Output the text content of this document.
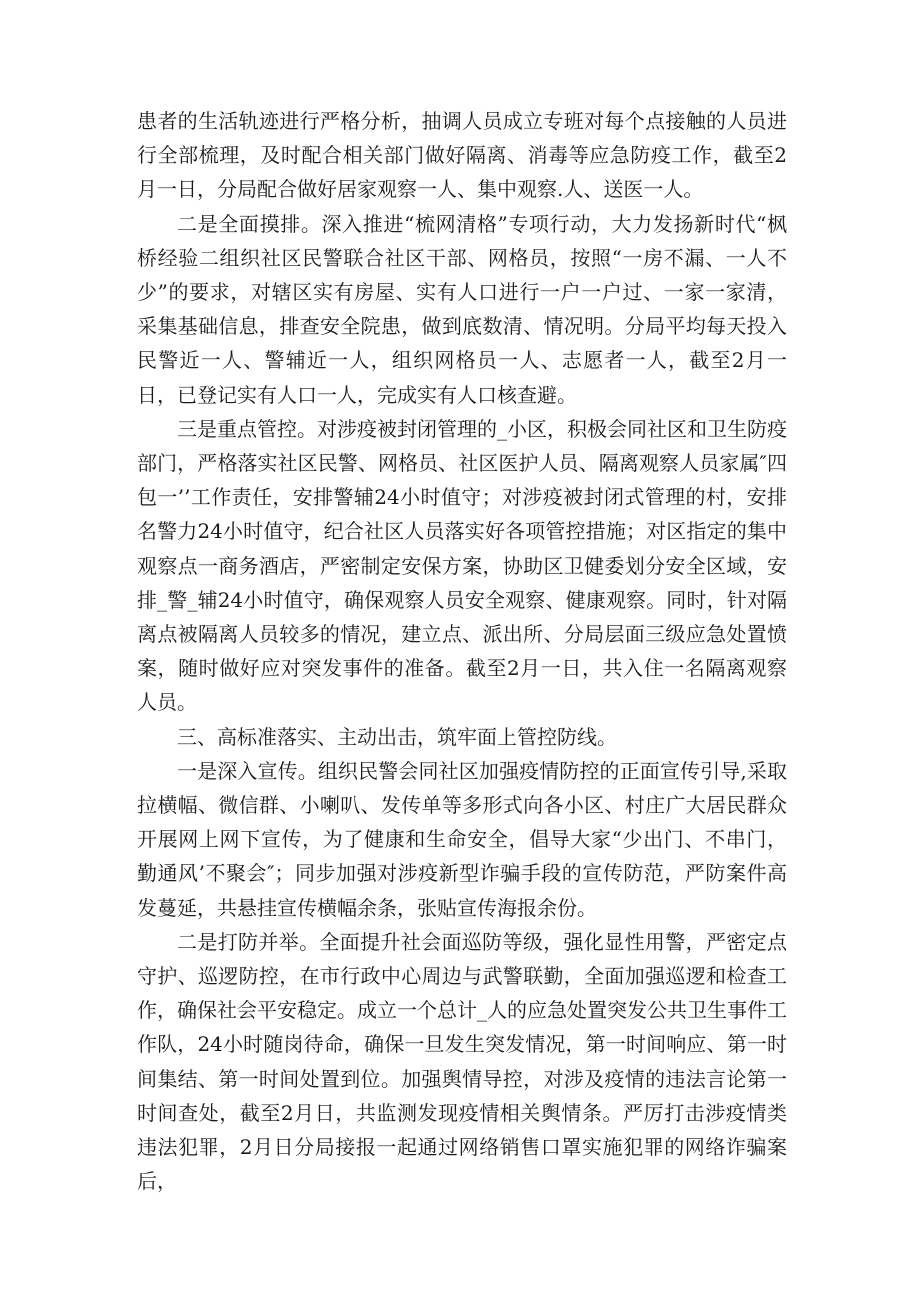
患者的生活轨迹进行严格分析，抽调人员成立专班对每个点接触的人员进行全部梳理，及时配合相关部门做好隔离、消毒等应急防疫工作，截至2月一日，分局配合做好居家观察一人、集中观察.人、送医一人。

二是全面摸排。深入推进“梳网清格”专项行动，大力发扬新时代“枫桥经验二组织社区民警联合社区干部、网格员，按照“一房不漏、一人不少”的要求，对辖区实有房屋、实有人口进行一户一户过、一家一家清，采集基础信息，排查安全院患，做到底数清、情况明。分局平均每天投入民警近一人、警辅近一人，组织网格员一人、志愿者一人，截至2月一日，已登记实有人口一人，完成实有人口核查避。

三是重点管控。对涉疫被封闭管理的_小区，积极会同社区和卫生防疫部门，严格落实社区民警、网格员、社区医护人员、隔离观察人员家属″四包一’’工作责任，安排警辅24小时值守；对涉疫被封闭式管理的村，安排名警力24小时值守，纪合社区人员落实好各项管控措施；对区指定的集中观察点一商务酒店，严密制定安保方案，协助区卫健委划分安全区域，安排_警_辅24小时值守，确保观察人员安全观察、健康观察。同时，针对隔离点被隔离人员较多的情况，建立点、派出所、分局层面三级应急处置愤案，随时做好应对突发事件的准备。截至2月一日，共入住一名隔离观察人员。

三、高标准落实、主动出击，筑牢面上管控防线。

一是深入宣传。组织民警会同社区加强疫情防控的正面宣传引导,采取拉横幅、微信群、小喇叭、发传单等多形式向各小区、村庄广大居民群众开展网上网下宣传，为了健康和生命安全，倡导大家“少出门、不串门，勤通风’不聚会″；同步加强对涉疫新型诈骗手段的宣传防范，严防案件高发蔓延，共悬挂宣传横幅余条，张贴宣传海报余份。

二是打防并举。全面提升社会面巡防等级，强化显性用警，严密定点守护、巡逻防控，在市行政中心周边与武警联勤，全面加强巡逻和检查工作，确保社会平安稳定。成立一个总计_人的应急处置突发公共卫生事件工作队，24小时随岗待命，确保一旦发生突发情况，第一时间响应、第一时间集结、第一时间处置到位。加强舆情导控，对涉及疫情的违法言论第一时间查处，截至2月日，共监测发现疫情相关舆情条。严厉打击涉疫情类违法犯罪，2月日分局接报一起通过网络销售口罩实施犯罪的网络诈骗案后，
